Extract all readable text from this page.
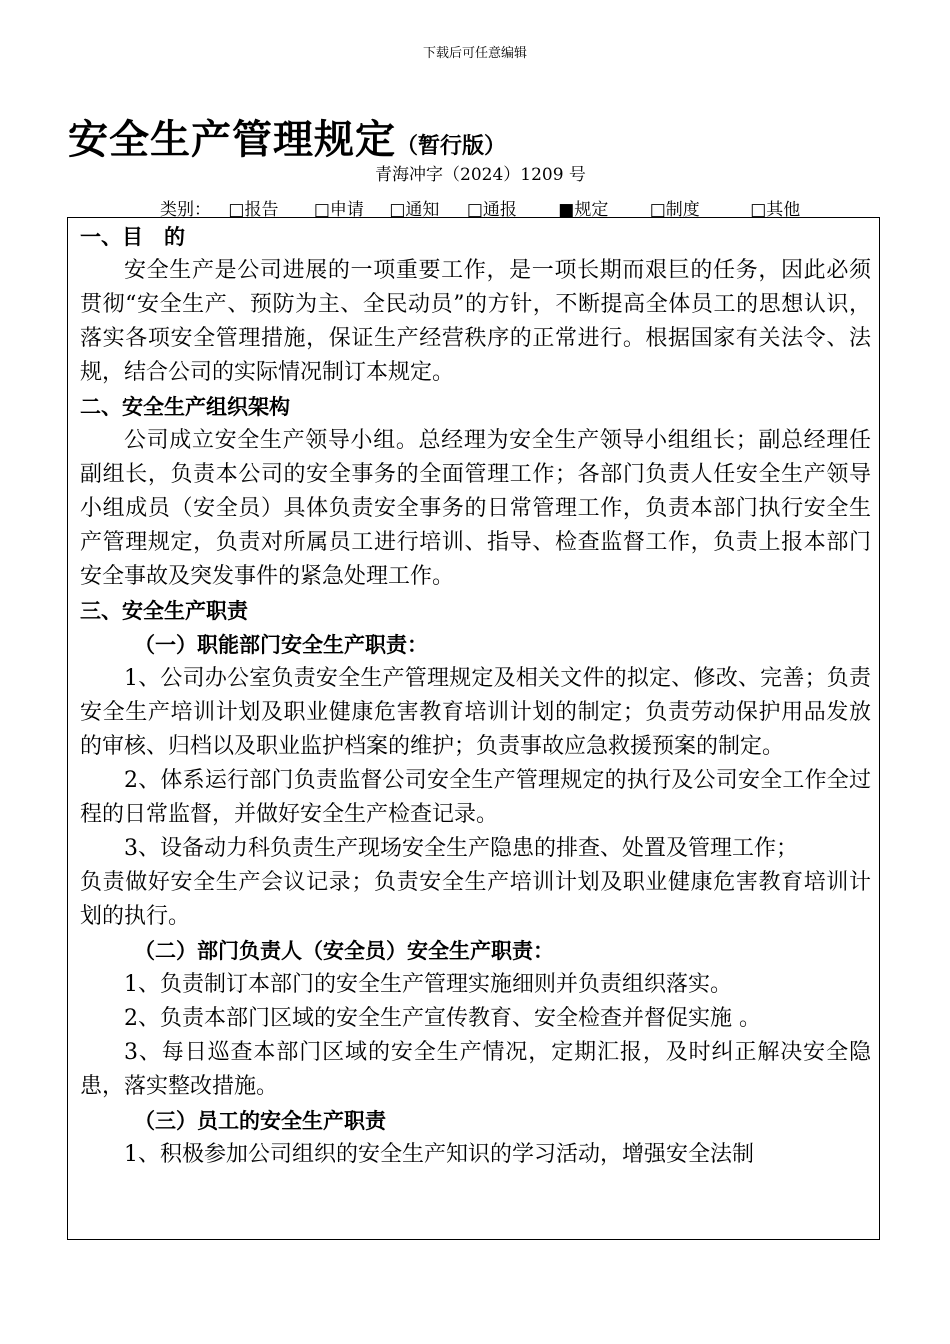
下载后可任意编辑
安全生产管理规定（暂行版）
青海冲字（2024）1209 号
类别： □报告 □申请 □通知 □通报 ■规定 □制度	□其他
一、目　的
安全生产是公司进展的一项重要工作，是一项长期而艰巨的任务，因此必须贯彻“安全生产、预防为主、全民动员”的方针，不断提高全体员工的思想认识，落实各项安全管理措施，保证生产经营秩序的正常进行。根据国家有关法令、法规，结合公司的实际情况制订本规定。
二、安全生产组织架构
公司成立安全生产领导小组。总经理为安全生产领导小组组长；副总经理任副组长，负责本公司的安全事务的全面管理工作；各部门负责人任安全生产领导小组成员（安全员）具体负责安全事务的日常管理工作，负责本部门执行安全生产管理规定，负责对所属员工进行培训、指导、检查监督工作，负责上报本部门安全事故及突发事件的紧急处理工作。
三、安全生产职责
（一）职能部门安全生产职责：
1、公司办公室负责安全生产管理规定及相关文件的拟定、修改、完善；负责安全生产培训计划及职业健康危害教育培训计划的制定；负责劳动保护用品发放的审核、归档以及职业监护档案的维护；负责事故应急救援预案的制定。
2、体系运行部门负责监督公司安全生产管理规定的执行及公司安全工作全过程的日常监督，并做好安全生产检查记录。
3、设备动力科负责生产现场安全生产隐患的排查、处置及管理工作；
负责做好安全生产会议记录；负责安全生产培训计划及职业健康危害教育培训计划的执行。
（二）部门负责人（安全员）安全生产职责：
1、负责制订本部门的安全生产管理实施细则并负责组织落实。
2、负责本部门区域的安全生产宣传教育、安全检查并督促实施 。
3、每日巡查本部门区域的安全生产情况，定期汇报，及时纠正解决安全隐患，落实整改措施。
（三）员工的安全生产职责
1、积极参加公司组织的安全生产知识的学习活动，增强安全法制
